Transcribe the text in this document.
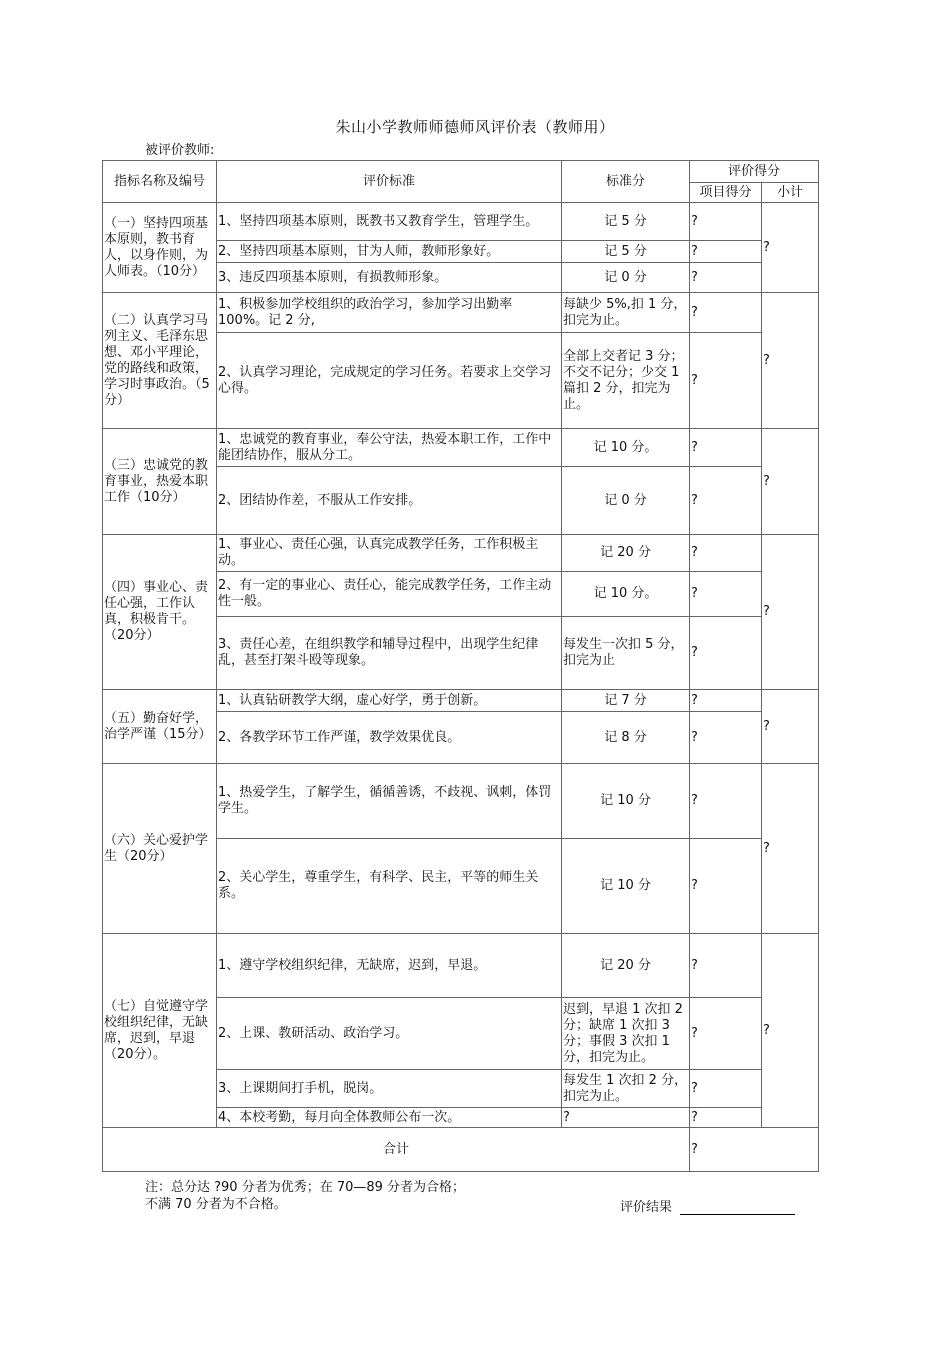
朱山小学教师师德师风评价表（教师用）
被评价教师:
指标名称及编号	评价标准	标准分	评价得分	
			项目得分	小计
（一）坚持四项基本原则，教书育人，以身作则，为人师表。（10分）	1、坚持四项基本原则，既教书又教育学生，管理学生。	记 5 分	?	?
	2、坚持四项基本原则，甘为人师，教师形象好。	记 5 分	?	
	3、违反四项基本原则，有损教师形象。	记 0 分	?	
（二）认真学习马列主义、毛泽东思想、邓小平理论，党的路线和政策，学习时事政治。（5分）	1、积极参加学校组织的政治学习，参加学习出勤率 100%。记 2 分,	每缺少 5%,扣 1 分，扣完为止。	?	?
	2、认真学习理论，完成规定的学习任务。若要求上交学习心得。	全部上交者记 3 分；不交不记分；少交 1 篇扣 2 分，扣完为止。	?	
（三）忠诚党的教育事业，热爱本职工作（10分）	1、忠诚党的教育事业，奉公守法，热爱本职工作，工作中能团结协作，服从分工。	记 10 分。	?	?
	2、团结协作差，不服从工作安排。	记 0 分	?	
（四）事业心、责任心强，工作认真，积极肯干。（20分）	1、事业心、责任心强，认真完成教学任务，工作积极主动。	记 20 分	?	?
	2、有一定的事业心、责任心，能完成教学任务，工作主动性一般。	记 10 分。	?	
	3、责任心差，在组织教学和辅导过程中，出现学生纪律乱，甚至打架斗殴等现象。	每发生一次扣 5 分，扣完为止	?	
（五）勤奋好学，治学严谨（15分）	1、认真钻研教学大纲，虚心好学，勇于创新。	记 7 分	?	?
	2、各教学环节工作严谨，教学效果优良。	记 8 分	?	
（六）关心爱护学生（20分）	1、热爱学生，了解学生，循循善诱，不歧视、讽刺，体罚学生。	记 10 分	?	?
	2、关心学生，尊重学生，有科学、民主，平等的师生关系。	记 10 分	?	
（七）自觉遵守学校组织纪律，无缺席，迟到，早退（20分）。	1、遵守学校组织纪律，无缺席，迟到，早退。	记 20 分	?	?
	2、上课、教研活动、政治学习。	迟到，早退 1 次扣 2 分；缺席 1 次扣 3 分；事假 3 次扣 1 分，扣完为止。	?	
	3、上课期间打手机，脱岗。	每发生 1 次扣 2 分，扣完为止。	?	
	4、本校考勤，每月向全体教师公布一次。	?	?	
合计			?	
注：总分达 ?90 分者为优秀；在 70—89 分者为合格；
不满 70 分者为不合格。	评价结果
